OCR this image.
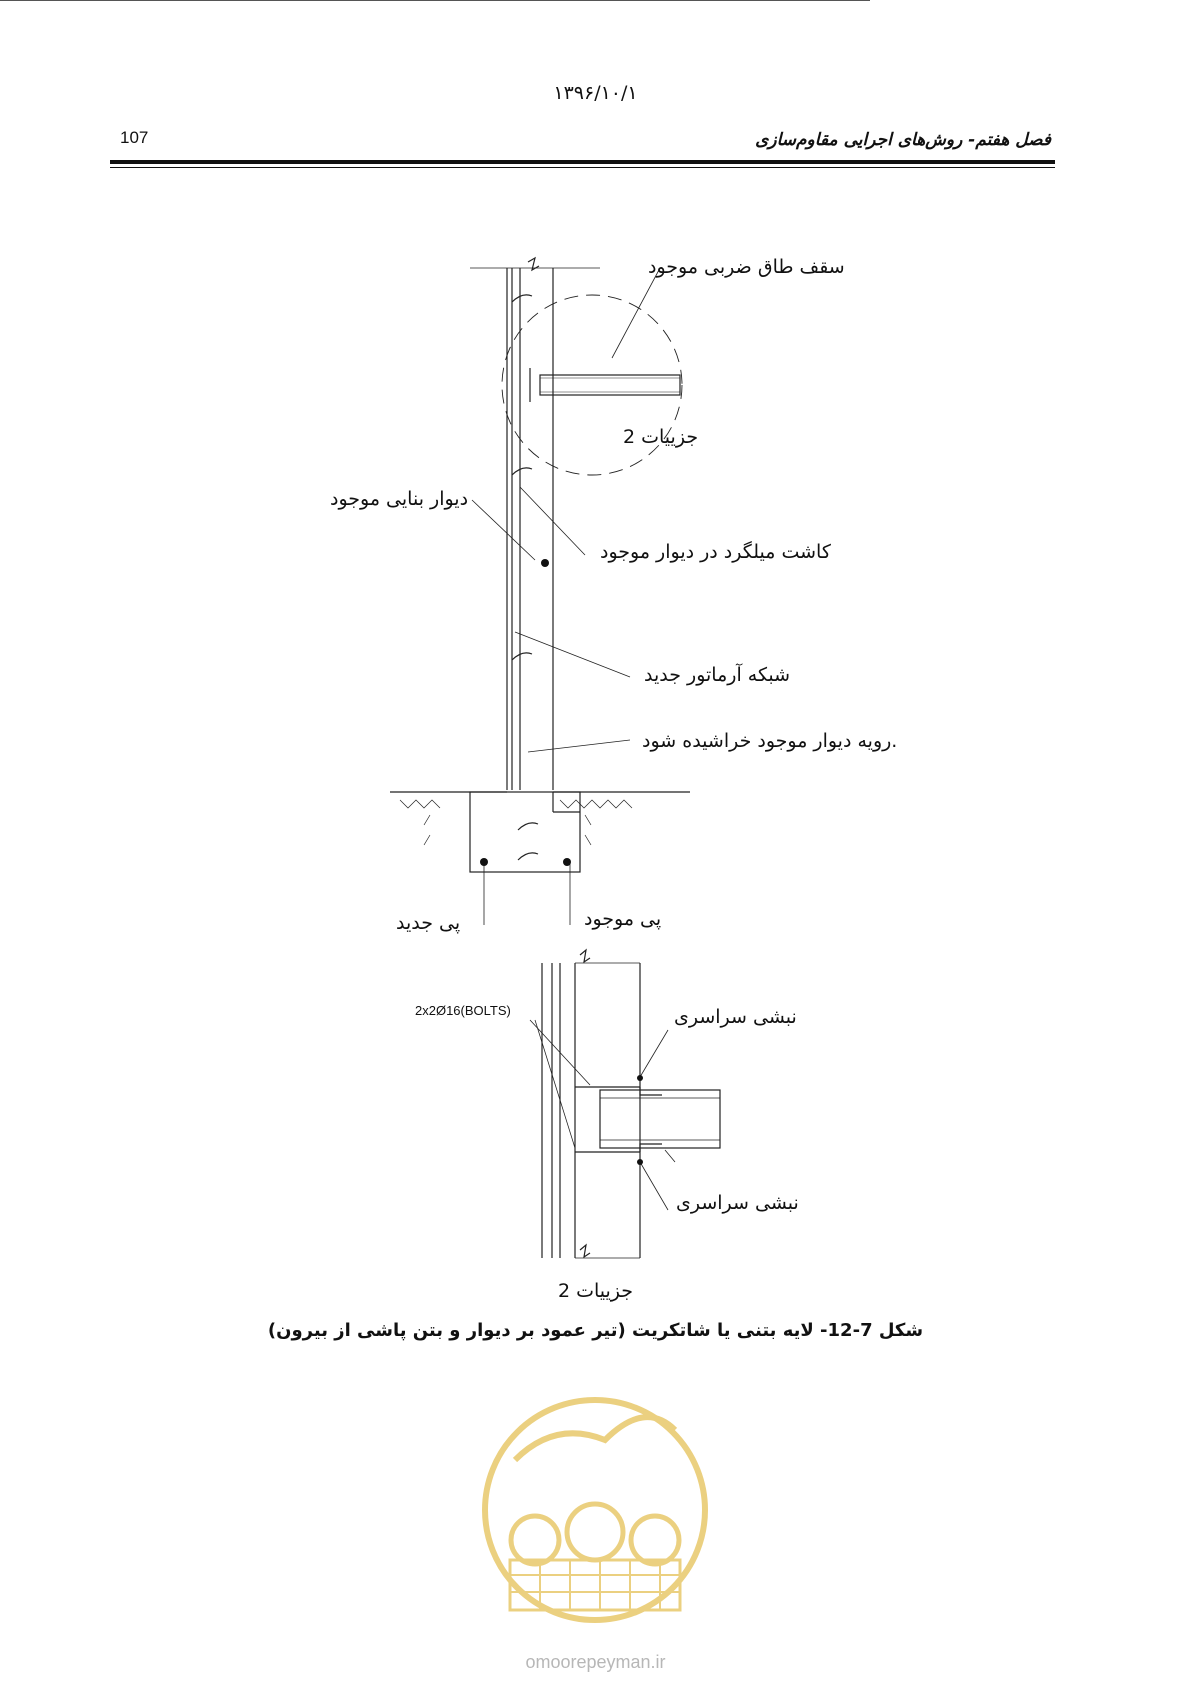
۱۳۹۶/۱۰/۱
107	فصل هفتم- روش‌های اجرایی مقاوم‌سازی
سقف طاق ضربی موجود
جزییات 2
دیوار بنایی موجود
کاشت میلگرد در دیوار موجود
شبکه آرماتور جدید
.رویه دیوار موجود خراشیده شود
پی جدید	پی موجود
2x2Ø16(BOLTS)	نبشی سراسری
نبشی سراسری
جزییات 2
شکل 7-12- لایه بتنی یا شاتکریت (تیر عمود بر دیوار و بتن پاشی از بیرون)
omoorepeyman.ir
